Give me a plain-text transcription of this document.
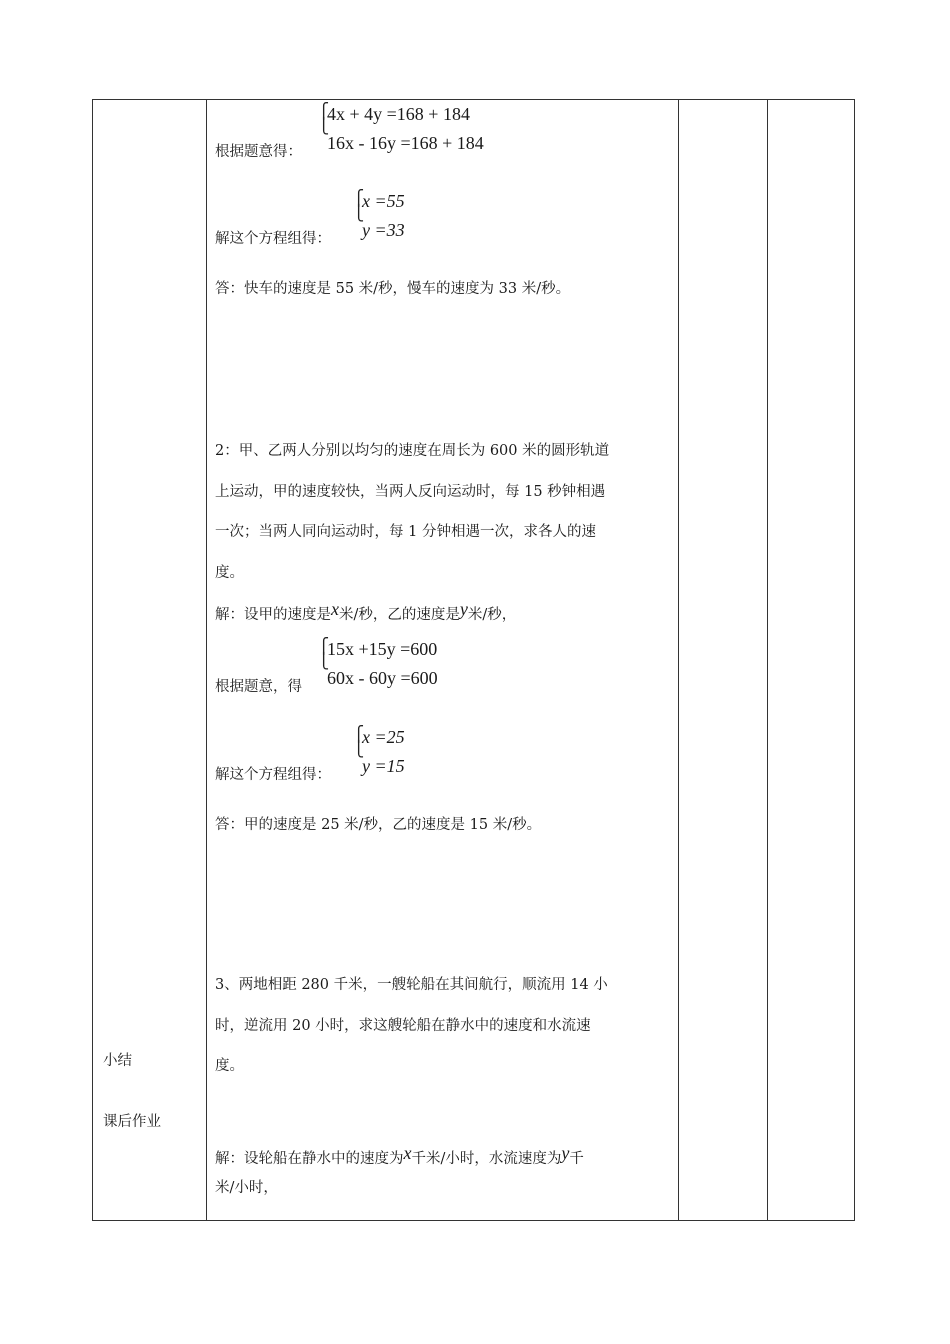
小结
课后作业
⎧
⎩
4x + 4y =168 + 184
16x - 16y =168 + 184
根据题意得：
⎧
⎩
x =55
y =33
解这个方程组得：
答：快车的速度是 55 米/秒，慢车的速度为 33 米/秒。
2：甲、乙两人分别以均匀的速度在周长为 600 米的圆形轨道
上运动，甲的速度较快，当两人反向运动时，每 15 秒钟相遇
一次；当两人同向运动时，每 1 分钟相遇一次，求各人的速
度。
解：设甲的速度是x米/秒，乙的速度是y米/秒，
⎧
⎩
15x +15y =600
60x - 60y =600
根据题意，得
⎧
⎩
x =25
y =15
解这个方程组得：
答：甲的速度是 25 米/秒，乙的速度是 15 米/秒。
3、两地相距 280 千米，一艘轮船在其间航行，顺流用 14 小
时，逆流用 20 小时，求这艘轮船在静水中的速度和水流速
度。
解：设轮船在静水中的速度为x千米/小时，水流速度为y千
米/小时，
